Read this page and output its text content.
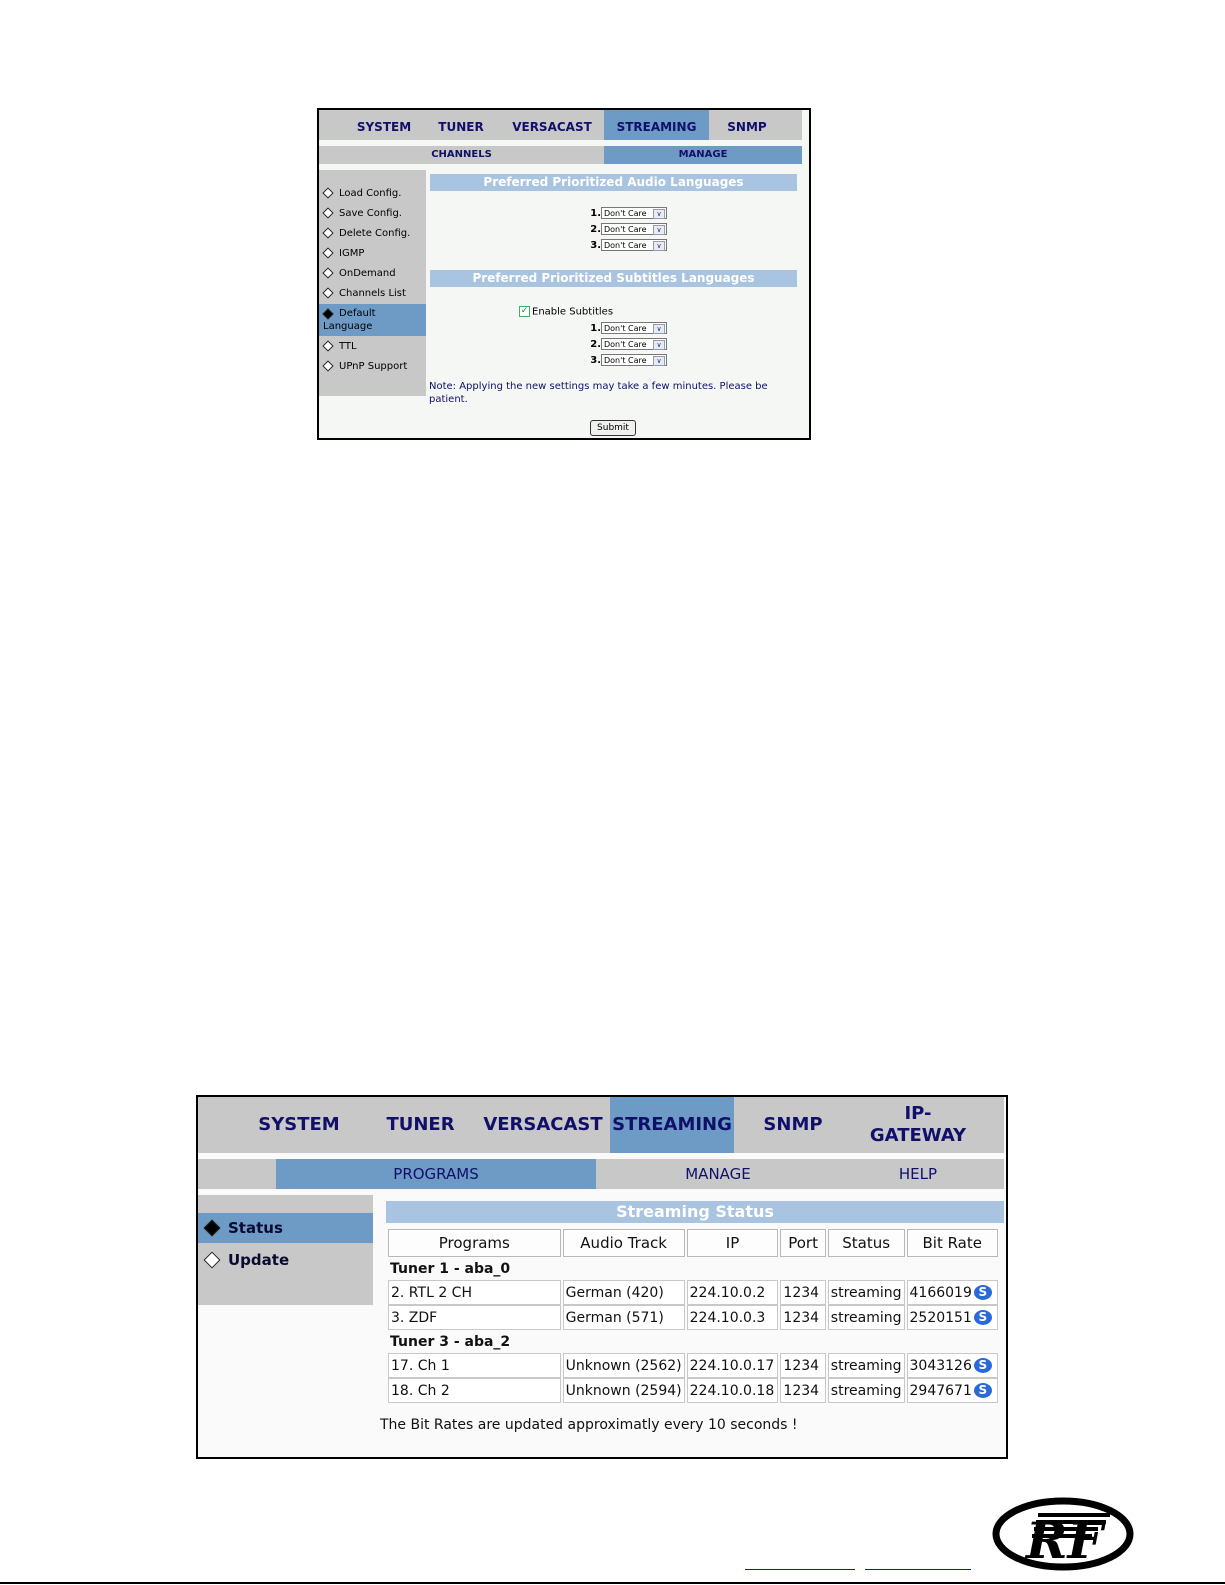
SYSTEM	TUNER	VERSACAST	STREAMING	SNMP
CHANNELS	MANAGE
Load Config.
Save Config.
Delete Config.
IGMP
OnDemand
Channels List
Default Language
TTL
UPnP Support
Preferred Prioritized Audio Languages
1. Don't Care	∨
2. Don't Care	∨
3. Don't Care	∨
Preferred Prioritized Subtitles Languages
✓ Enable Subtitles
1. Don't Care	∨
2. Don't Care	∨
3. Don't Care	∨
Note: Applying the new settings may take a few minutes. Please be patient.
Submit
SYSTEM	TUNER	VERSACAST STREAMING	SNMP
IP-GATEWAY
PROGRAMS	MANAGE	HELP
Status
Update
Streaming Status
Programs	Audio Track	IP	Port	Status	Bit Rate
Tuner 1 - aba_0					
2. RTL 2 CH	German (420)	224.10.0.2	1234	streaming	4166019 S
3. ZDF	German (571)	224.10.0.3	1234	streaming	2520151 S
Tuner 3 - aba_2					
17. Ch 1	Unknown (2562)	224.10.0.17	1234	streaming	3043126 S
18. Ch 2	Unknown (2594)	224.10.0.18	1234	streaming	2947671 S
The Bit Rates are updated approximatly every 10 seconds !
RF
